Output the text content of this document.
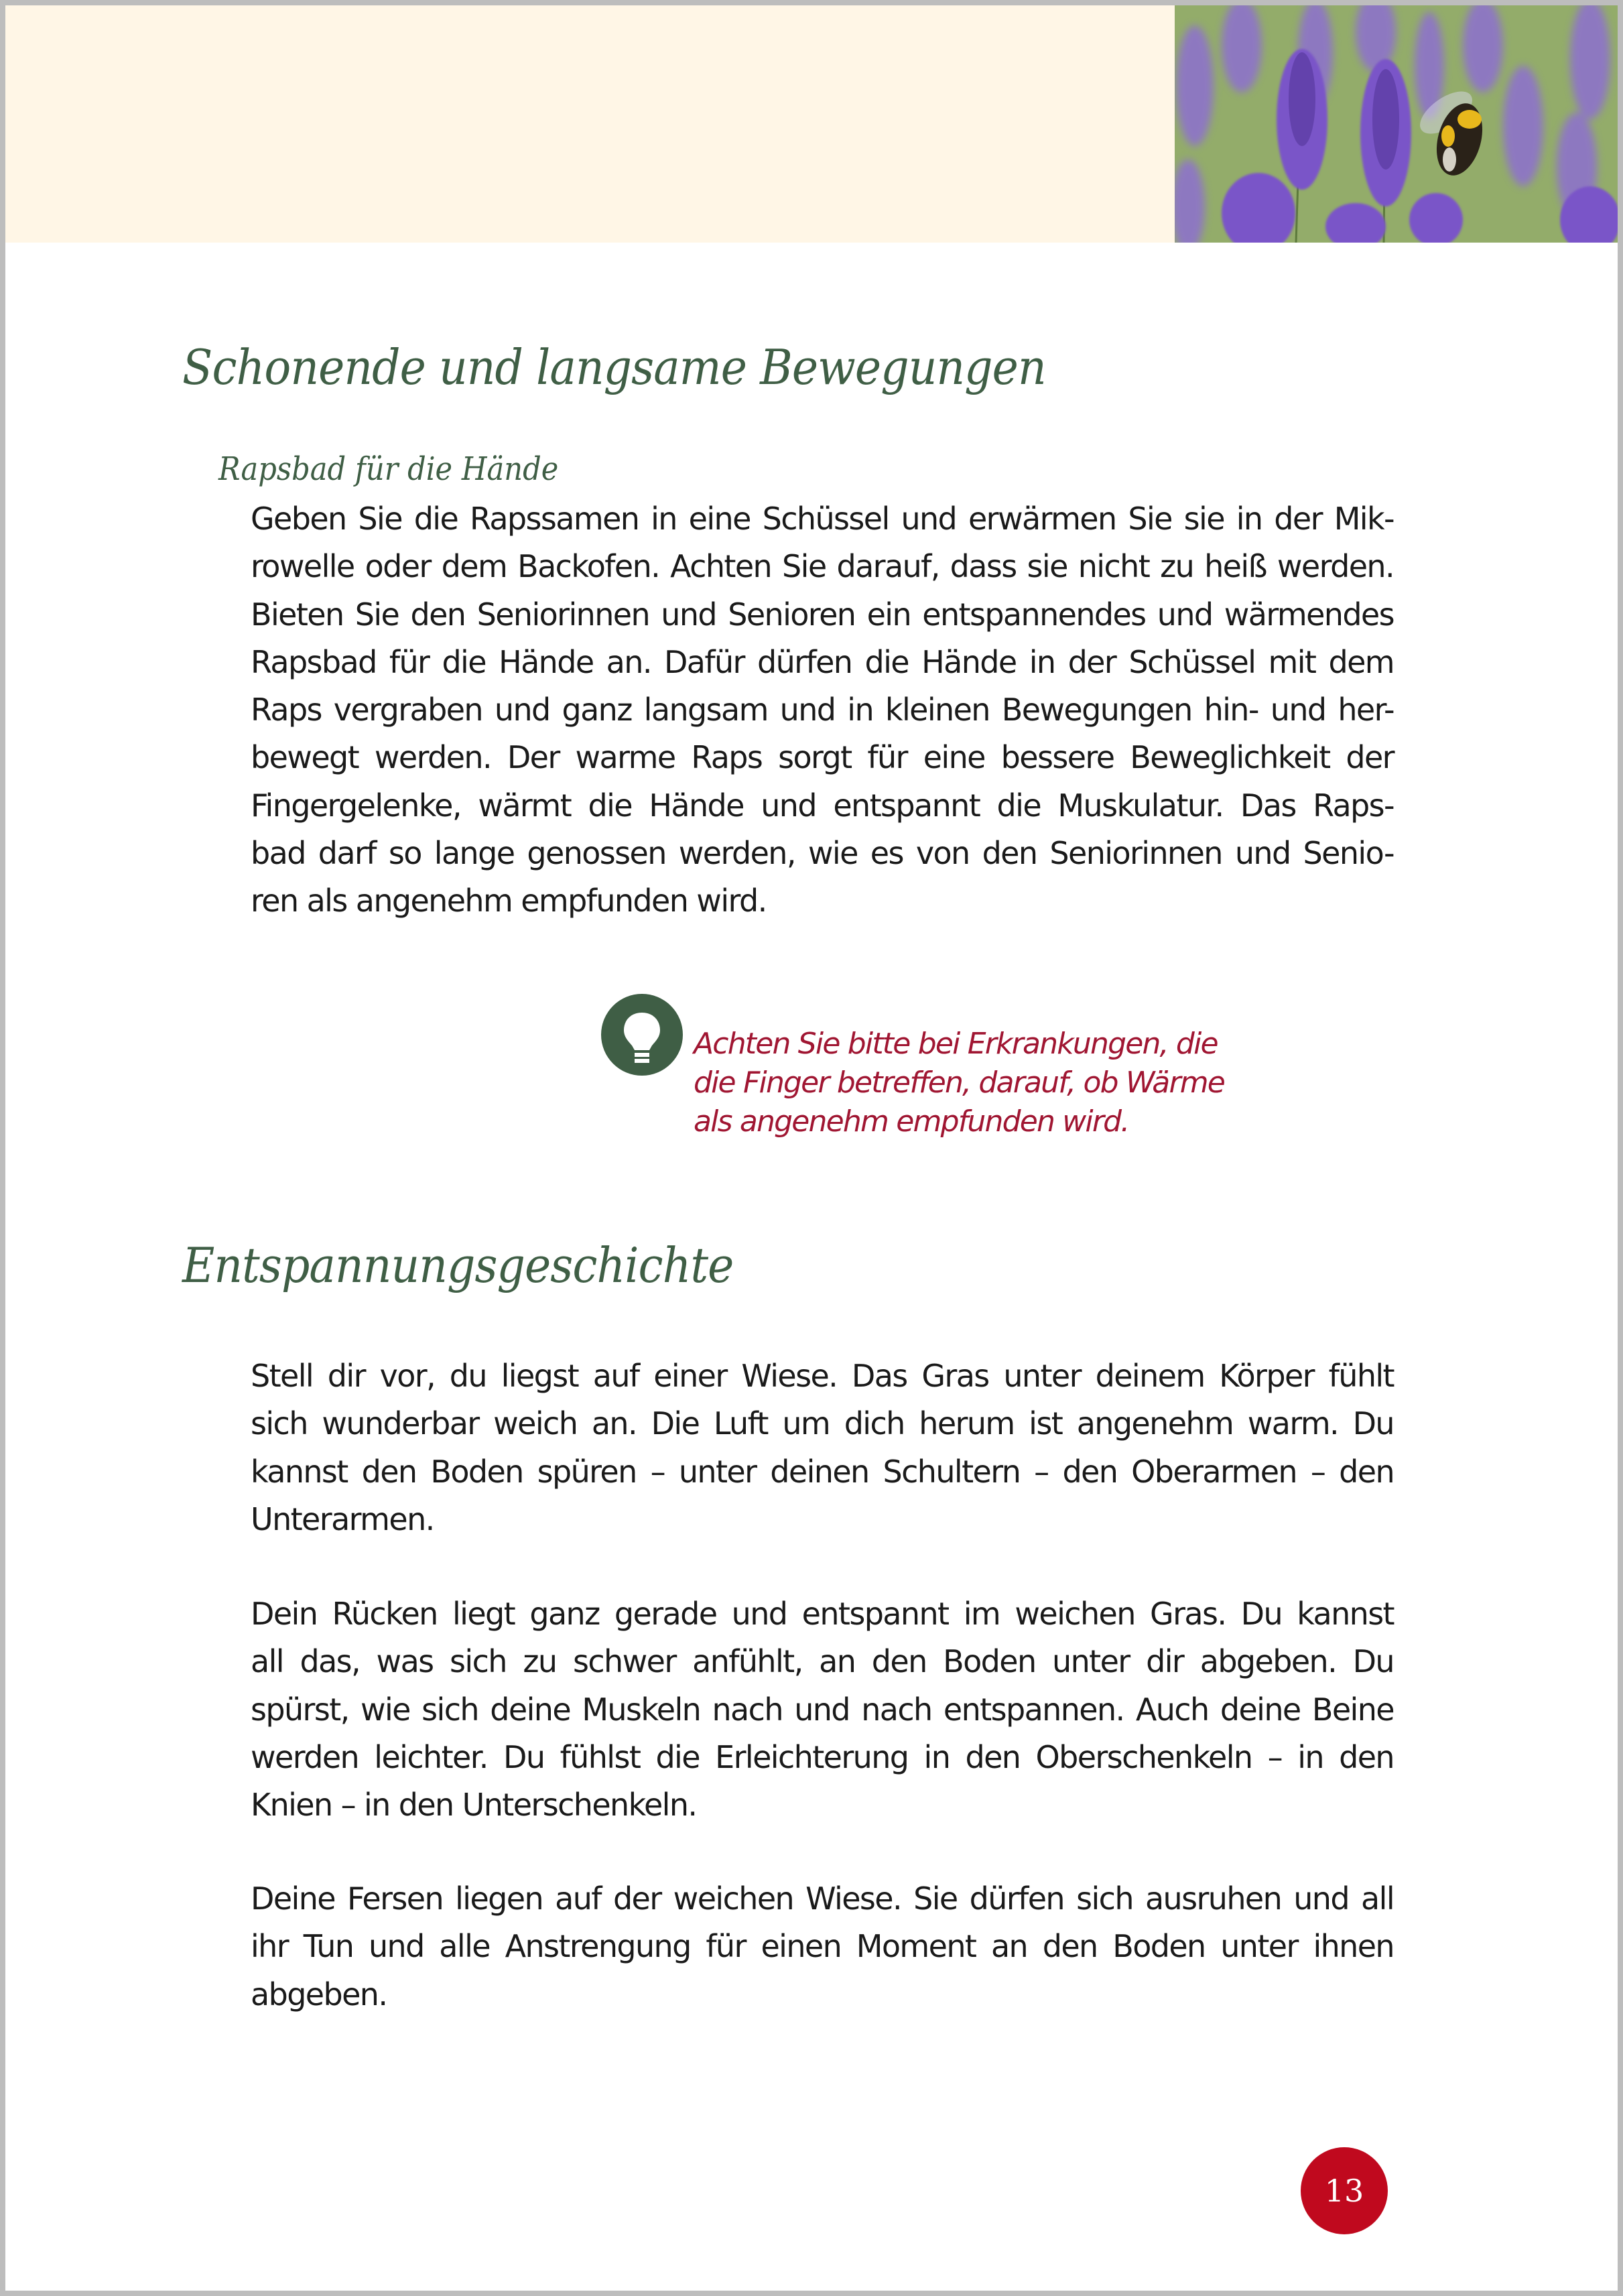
Schonende und langsame Bewegungen
Rapsbad für die Hände

Geben Sie die Rapssamen in eine Schüssel und erwärmen Sie sie in der Mik-
rowelle oder dem Backofen. Achten Sie darauf, dass sie nicht zu heiß werden.
Bieten Sie den Seniorinnen und Senioren ein entspannendes und wärmendes
Rapsbad für die Hände an. Dafür dürfen die Hände in der Schüssel mit dem
Raps vergraben und ganz langsam und in kleinen Bewegungen hin- und her-
bewegt werden. Der warme Raps sorgt für eine bessere Beweglichkeit der
Fingergelenke, wärmt die Hände und entspannt die Muskulatur. Das Raps-
bad darf so lange genossen werden, wie es von den Seniorinnen und Senio-
ren als angenehm empfunden wird.

Achten Sie bitte bei Erkrankungen, die
die Finger betreffen, darauf, ob Wärme
als angenehm empfunden wird.
Entspannungsgeschichte

Stell dir vor, du liegst auf einer Wiese. Das Gras unter deinem Körper fühlt
sich wunderbar weich an. Die Luft um dich herum ist angenehm warm. Du
kannst den Boden spüren – unter deinen Schultern – den Oberarmen – den
Unterarmen.

Dein Rücken liegt ganz gerade und entspannt im weichen Gras. Du kannst
all das, was sich zu schwer anfühlt, an den Boden unter dir abgeben. Du
spürst, wie sich deine Muskeln nach und nach entspannen. Auch deine Beine
werden leichter. Du fühlst die Erleichterung in den Oberschenkeln – in den
Knien – in den Unterschenkeln.

Deine Fersen liegen auf der weichen Wiese. Sie dürfen sich ausruhen und all
ihr Tun und alle Anstrengung für einen Moment an den Boden unter ihnen
abgeben.

13
